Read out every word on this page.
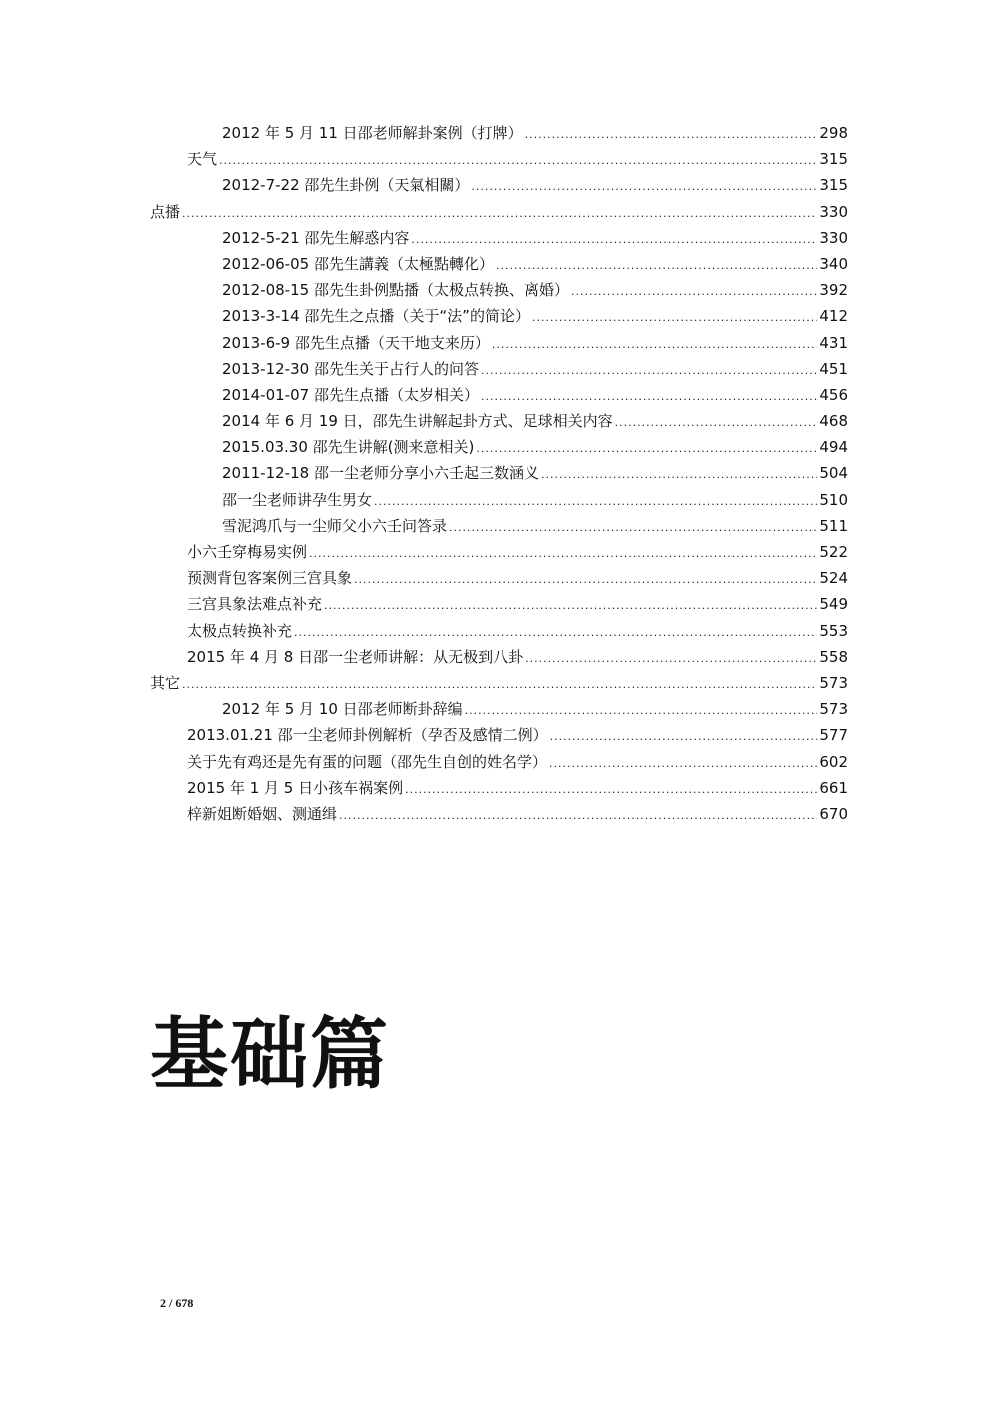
2012 年 5 月 11 日邵老师解卦案例（打牌） .....	298
天气 .....	315
2012-7-22 邵先生卦例（天氣相關） .....	315
点播 .....	330
2012-5-21 邵先生解惑内容 .....	330
2012-06-05 邵先生講義（太極點轉化） .....	340
2012-08-15 邵先生卦例點播（太极点转换、离婚） .....	392
2013-3-14 邵先生之点播（关于“法”的简论） .....	412
2013-6-9 邵先生点播（天干地支来历） .....	431
2013-12-30 邵先生关于占行人的问答 .....	451
2014-01-07 邵先生点播（太岁相关） .....	456
2014 年 6 月 19 日，邵先生讲解起卦方式、足球相关内容 .....	468
2015.03.30 邵先生讲解(测来意相关) .....	494
2011-12-18 邵一尘老师分享小六壬起三数涵义 .....	504
邵一尘老师讲孕生男女 .....	510
雪泥鸿爪与一尘师父小六壬问答录 .....	511
小六壬穿梅易实例 .....	522
预测背包客案例三宫具象 .....	524
三宫具象法难点补充 .....	549
太极点转换补充 .....	553
2015 年 4 月 8 日邵一尘老师讲解：从无极到八卦 .....	558
其它 .....	573
2012 年 5 月 10 日邵老师断卦辞编 .....	573
2013.01.21 邵一尘老师卦例解析（孕否及感情二例） .....	577
关于先有鸡还是先有蛋的问题（邵先生自创的姓名学） .....	602
2015 年 1 月 5 日小孩车祸案例 .....	661
梓新姐断婚姻、测通缉 .....	670
基础篇
2 / 678
